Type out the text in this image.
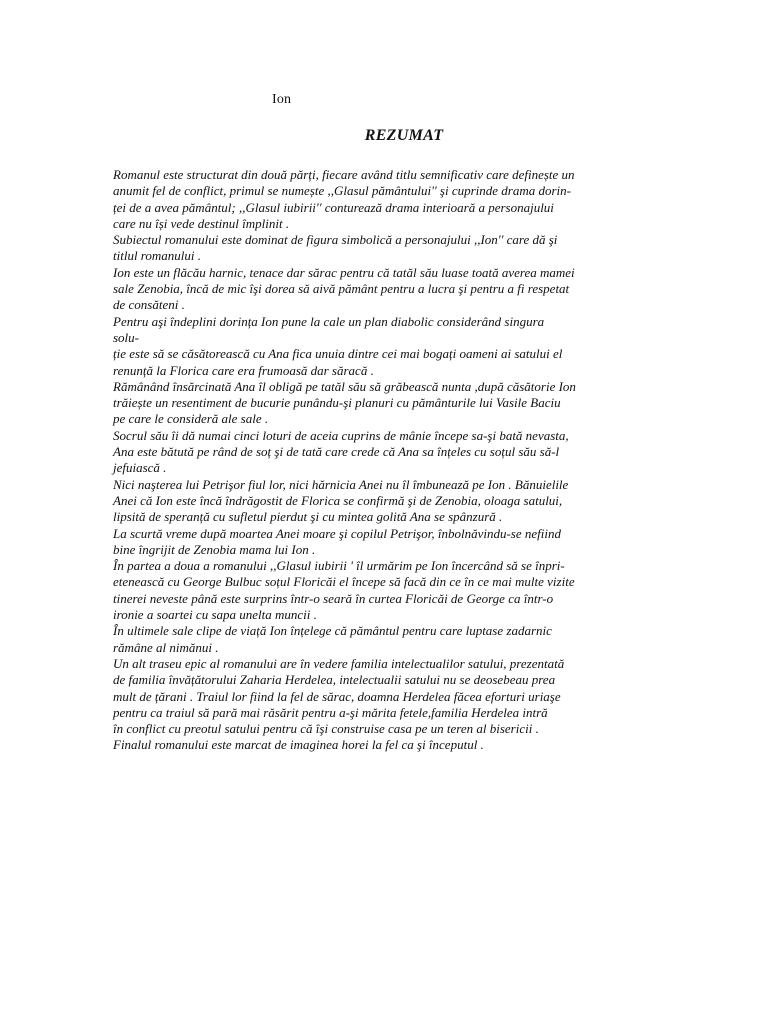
Ion
REZUMAT
Romanul este structurat din două părți, fiecare având titlu semnificativ care definește un
anumit fel de conflict, primul se numește ,,Glasul pământului'' şi cuprinde drama dorin-
ței de a avea pământul; ,,Glasul iubirii'' conturează drama interioară a personajului
care nu își vede destinul împlinit .
Subiectul romanului este dominat de figura simbolică a personajului ,,Ion'' care dă şi
titlul romanului .
Ion este un flăcău harnic, tenace dar sărac pentru că tatăl său luase toată averea mamei
sale Zenobia, încă de mic îşi dorea să aivă pământ pentru a lucra şi pentru a fi respetat
de consăteni .
Pentru aşi îndeplini dorința Ion pune la cale un plan diabolic considerând singura
solu-
ție este să se căsătorească cu Ana fica unuia dintre cei mai bogați oameni ai satului el
renunță la Florica care era frumoasă dar săracă .
Rămânând însărcinată Ana îl obligă pe tatăl său să grăbească nunta ,după căsătorie Ion
trăiește un resentiment de bucurie punându-şi planuri cu pământurile lui Vasile Baciu
pe care le consideră ale sale .
Socrul său îi dă numai cinci loturi de aceia cuprins de mânie începe sa-şi bată nevasta,
Ana este bătută pe rând de soț şi de tată care crede că Ana sa înțeles cu soțul său să-l
jefuiască .
Nici naşterea lui Petrişor fiul lor, nici hărnicia Anei nu îl îmbunează pe Ion . Bănuielile
Anei că Ion este încă îndrăgostit de Florica se confirmă şi de Zenobia, oloaga satului,
lipsită de speranță cu sufletul pierdut şi cu mintea golită Ana se spânzură .
La scurtă vreme după moartea Anei moare şi copilul Petrişor, înbolnăvindu-se nefiind
bine îngrijit de Zenobia mama lui Ion .
În partea a doua a romanului ,,Glasul iubirii ' îl urmărim pe Ion încercând să se înpri-
etenească cu George Bulbuc soțul Floricăi el începe să facă din ce în ce mai multe vizite
tinerei neveste până este surprins într-o seară în curtea Floricăi de George ca într-o
ironie a soartei cu sapa unelta muncii .
În ultimele sale clipe de viață Ion înțelege că pământul pentru care luptase zadarnic
rămâne al nimănui .
Un alt traseu epic al romanului are în vedere familia intelectualilor satului, prezentată
de familia învățătorului Zaharia Herdelea, intelectualii satului nu se deosebeau prea
mult de țărani . Traiul lor fiind la fel de sărac, doamna Herdelea făcea eforturi uriaşe
pentru ca traiul să pară mai răsărit pentru a-şi mărita fetele,familia Herdelea intră
în conflict cu preotul satului pentru că îşi construise casa pe un teren al bisericii .
Finalul romanului este marcat de imaginea horei la fel ca şi începutul .
